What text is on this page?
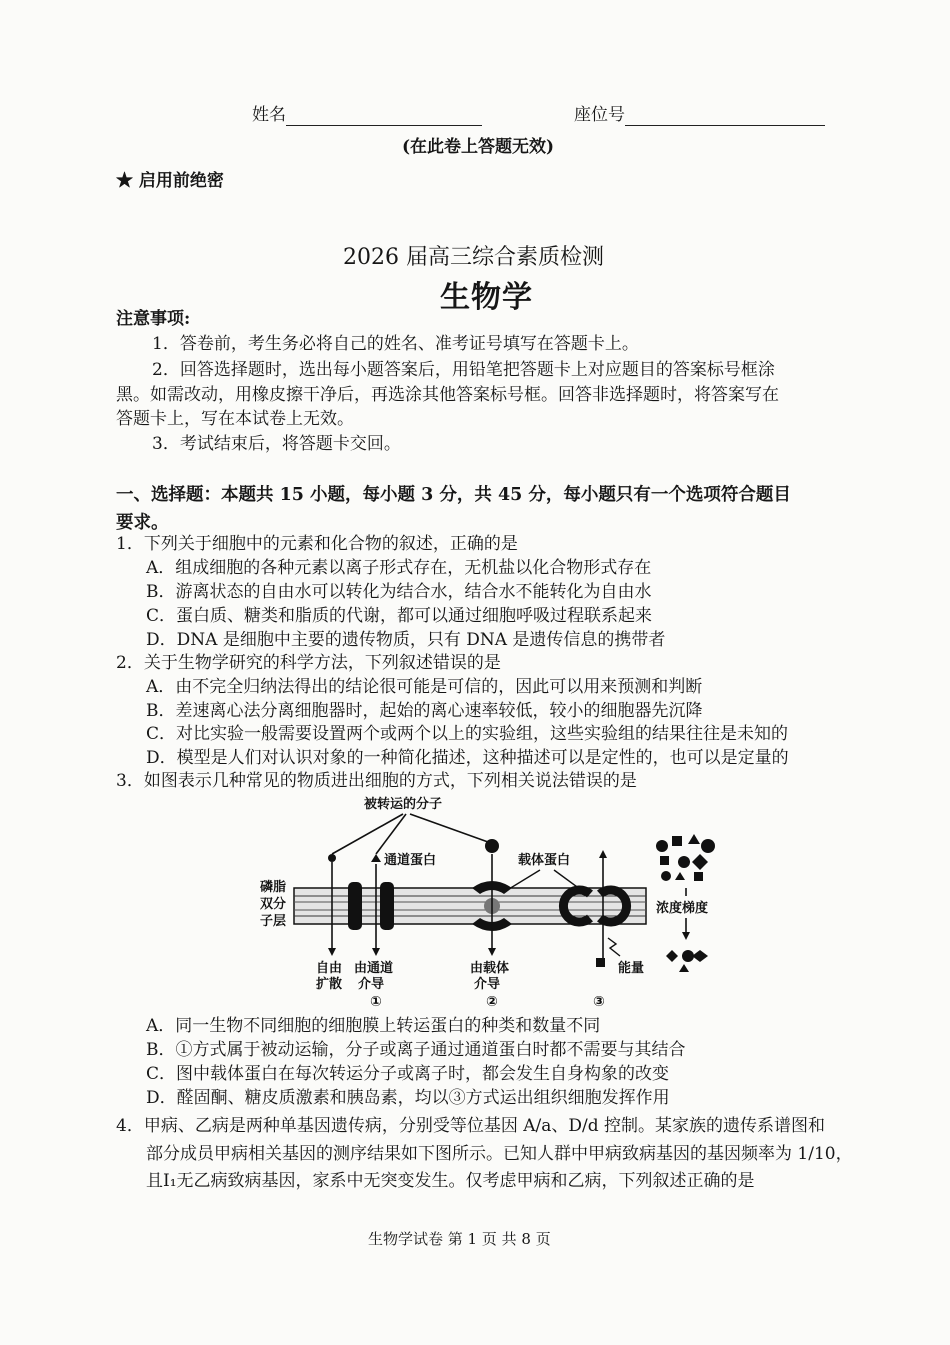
姓名	座位号
(在此卷上答题无效)
★ 启用前绝密
2026 届高三综合素质检测
生物学
注意事项:
1．答卷前，考生务必将自己的姓名、准考证号填写在答题卡上。
2．回答选择题时，选出每小题答案后，用铅笔把答题卡上对应题目的答案标号框涂
黑。如需改动，用橡皮擦干净后，再选涂其他答案标号框。回答非选择题时，将答案写在
答题卡上，写在本试卷上无效。
3．考试结束后，将答题卡交回。
一、选择题：本题共 15 小题，每小题 3 分，共 45 分，每小题只有一个选项符合题目
要求。
1．下列关于细胞中的元素和化合物的叙述，正确的是
A．组成细胞的各种元素以离子形式存在，无机盐以化合物形式存在
B．游离状态的自由水可以转化为结合水，结合水不能转化为自由水
C．蛋白质、糖类和脂质的代谢，都可以通过细胞呼吸过程联系起来
D．DNA 是细胞中主要的遗传物质，只有 DNA 是遗传信息的携带者
2．关于生物学研究的科学方法，下列叙述错误的是
A．由不完全归纳法得出的结论很可能是可信的，因此可以用来预测和判断
B．差速离心法分离细胞器时，起始的离心速率较低，较小的细胞器先沉降
C．对比实验一般需要设置两个或两个以上的实验组，这些实验组的结果往往是未知的
D．模型是人们对认识对象的一种简化描述，这种描述可以是定性的，也可以是定量的
3．如图表示几种常见的物质进出细胞的方式，下列相关说法错误的是
被转运的分子
通道蛋白	载体蛋白
磷脂
双分
子层
能量
浓度梯度
自由
扩散
由通道
介导
①
由载体
介导
②	③
A．同一生物不同细胞的细胞膜上转运蛋白的种类和数量不同
B．①方式属于被动运输，分子或离子通过通道蛋白时都不需要与其结合
C．图中载体蛋白在每次转运分子或离子时，都会发生自身构象的改变
D．醛固酮、糖皮质激素和胰岛素，均以③方式运出组织细胞发挥作用
4．甲病、乙病是两种单基因遗传病，分别受等位基因 A/a、D/d 控制。某家族的遗传系谱图和
部分成员甲病相关基因的测序结果如下图所示。已知人群中甲病致病基因的基因频率为 1/10，
且Ⅰ₁无乙病致病基因，家系中无突变发生。仅考虑甲病和乙病，下列叙述正确的是
生物学试卷 第 1 页 共 8 页
